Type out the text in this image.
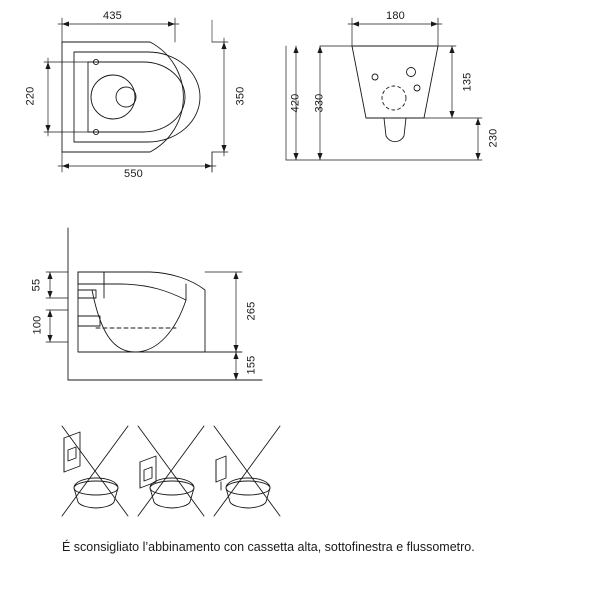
435
220	350
550
180
420 330
135
230
55
100
265
155
É sconsigliato l’abbinamento con cassetta alta, sottofinestra e flussometro.
